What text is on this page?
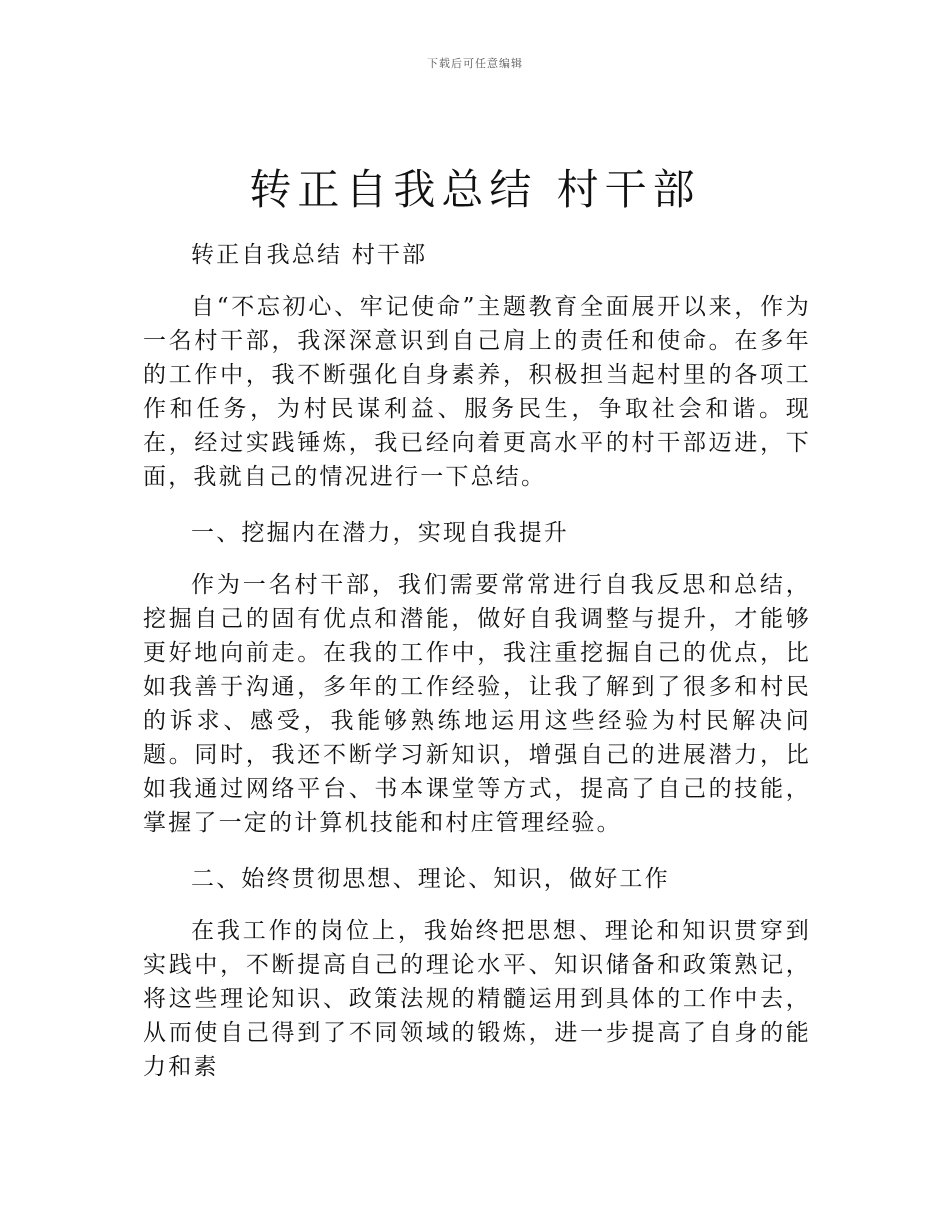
下载后可任意编辑
转正自我总结 村干部

转正自我总结 村干部

自“不忘初心、牢记使命”主题教育全面展开以来，作为一名村干部，我深深意识到自己肩上的责任和使命。在多年的工作中，我不断强化自身素养，积极担当起村里的各项工作和任务，为村民谋利益、服务民生，争取社会和谐。现在，经过实践锤炼，我已经向着更高水平的村干部迈进，下面，我就自己的情况进行一下总结。

一、挖掘内在潜力，实现自我提升

作为一名村干部，我们需要常常进行自我反思和总结，挖掘自己的固有优点和潜能，做好自我调整与提升，才能够更好地向前走。在我的工作中，我注重挖掘自己的优点，比如我善于沟通，多年的工作经验，让我了解到了很多和村民的诉求、感受，我能够熟练地运用这些经验为村民解决问题。同时，我还不断学习新知识，增强自己的进展潜力，比如我通过网络平台、书本课堂等方式，提高了自己的技能，掌握了一定的计算机技能和村庄管理经验。

二、始终贯彻思想、理论、知识，做好工作

在我工作的岗位上，我始终把思想、理论和知识贯穿到实践中，不断提高自己的理论水平、知识储备和政策熟记，将这些理论知识、政策法规的精髓运用到具体的工作中去，从而使自己得到了不同领域的锻炼，进一步提高了自身的能力和素
